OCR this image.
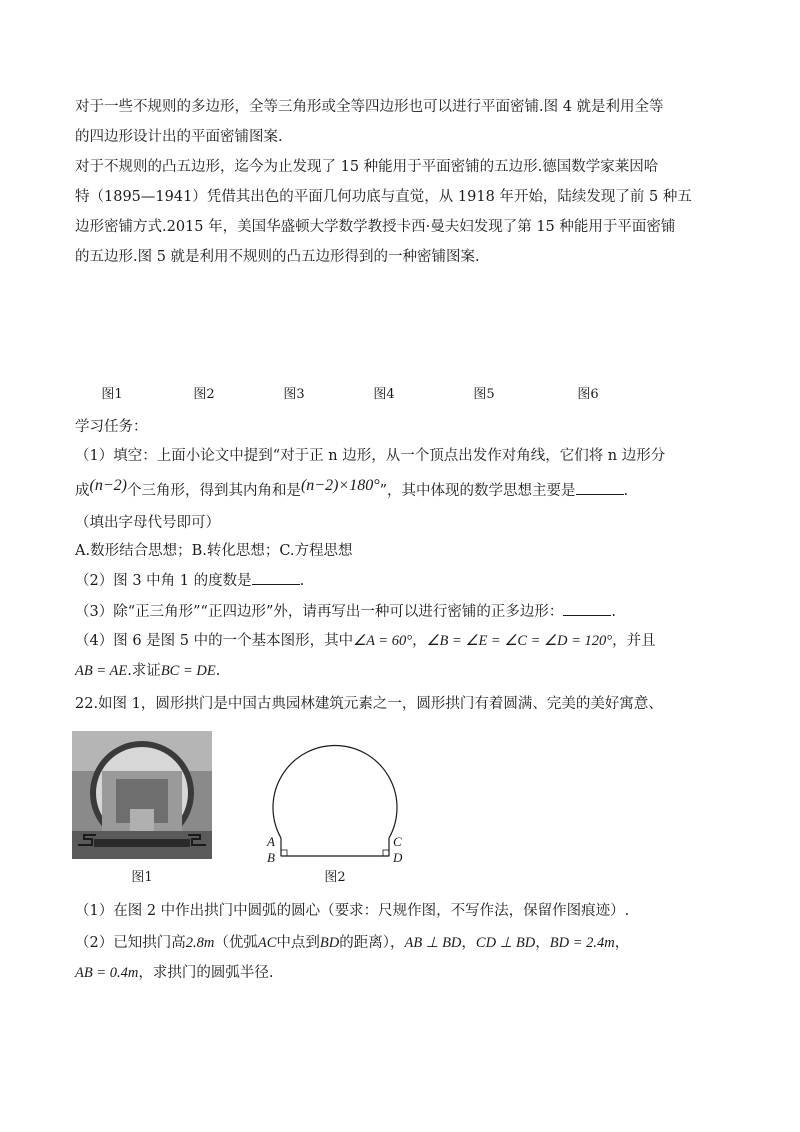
对于一些不规则的多边形，全等三角形或全等四边形也可以进行平面密铺.图 4 就是利用全等
的四边形设计出的平面密铺图案.
对于不规则的凸五边形，迄今为止发现了 15 种能用于平面密铺的五边形.德国数学家莱因哈
特（1895—1941）凭借其出色的平面几何功底与直觉，从 1918 年开始，陆续发现了前 5 种五
边形密铺方式.2015 年，美国华盛顿大学数学教授卡西·曼夫妇发现了第 15 种能用于平面密铺
的五边形.图 5 就是利用不规则的凸五边形得到的一种密铺图案.
图1	图2	图3	图4	图5	图6
学习任务：
（1）填空：上面小论文中提到“对于正 n 边形，从一个顶点出发作对角线，它们将 n 边形分
成(n−2)个三角形，得到其内角和是(n−2)×180°”，其中体现的数学思想主要是	.
（填出字母代号即可）
A.数形结合思想；B.转化思想；C.方程思想
（2）图 3 中角 1 的度数是	.
（3）除“正三角形”“正四边形”外，请再写出一种可以进行密铺的正多边形：	.
（4）图 6 是图 5 中的一个基本图形，其中∠A = 60°，∠B = ∠E = ∠C = ∠D = 120°，并且
AB = AE.求证BC = DE.
22.如图 1，圆形拱门是中国古典园林建筑元素之一，圆形拱门有着圆满、完美的美好寓意、
图1
A
B
C
D
图2
（1）在图 2 中作出拱门中圆弧的圆心（要求：尺规作图，不写作法，保留作图痕迹）.
（2）已知拱门高2.8m（优弧AC中点到BD的距离），AB ⊥ BD，CD ⊥ BD，BD = 2.4m，
AB = 0.4m，求拱门的圆弧半径.
